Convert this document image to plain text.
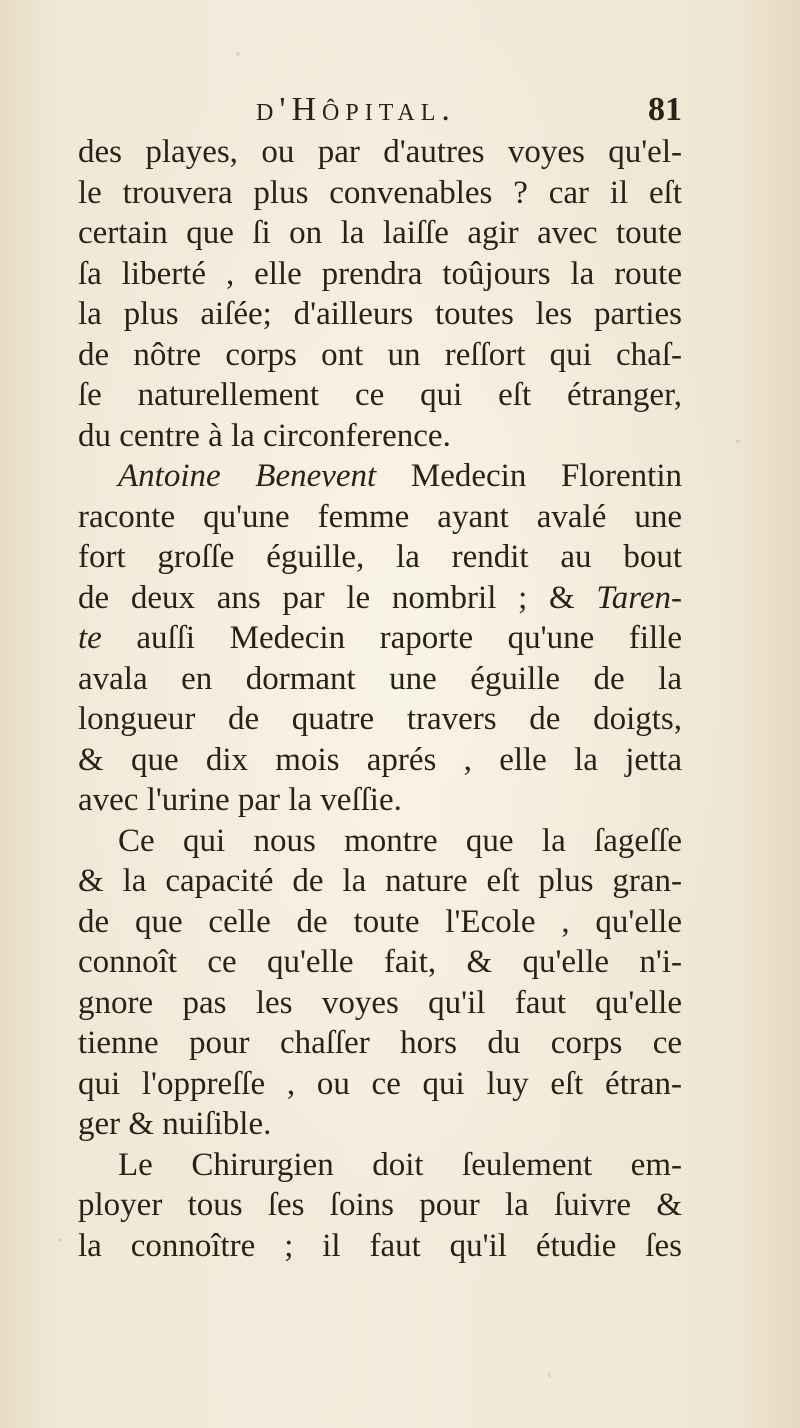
d'Hôpital.	81
des playes, ou par d'autres voyes qu'el-
le trouvera plus convenables ? car il eſt
certain que ſi on la laiſſe agir avec toute
ſa liberté , elle prendra toûjours la route
la plus aiſée; d'ailleurs toutes les parties
de nôtre corps ont un reſſort qui chaſ-
ſe naturellement ce qui eſt étranger,
du centre à la circonference.
Antoine Benevent Medecin Florentin
raconte qu'une femme ayant avalé une
fort groſſe éguille, la rendit au bout
de deux ans par le nombril ; & Taren-
te auſſi Medecin raporte qu'une fille
avala en dormant une éguille de la
longueur de quatre travers de doigts,
& que dix mois aprés , elle la jetta
avec l'urine par la veſſie.
Ce qui nous montre que la ſageſſe
& la capacité de la nature eſt plus gran-
de que celle de toute l'Ecole , qu'elle
connoît ce qu'elle fait, & qu'elle n'i-
gnore pas les voyes qu'il faut qu'elle
tienne pour chaſſer hors du corps ce
qui l'oppreſſe , ou ce qui luy eſt étran-
ger & nuiſible.
Le Chirurgien doit ſeulement em-
ployer tous ſes ſoins pour la ſuivre &
la connoître ; il faut qu'il étudie ſes
